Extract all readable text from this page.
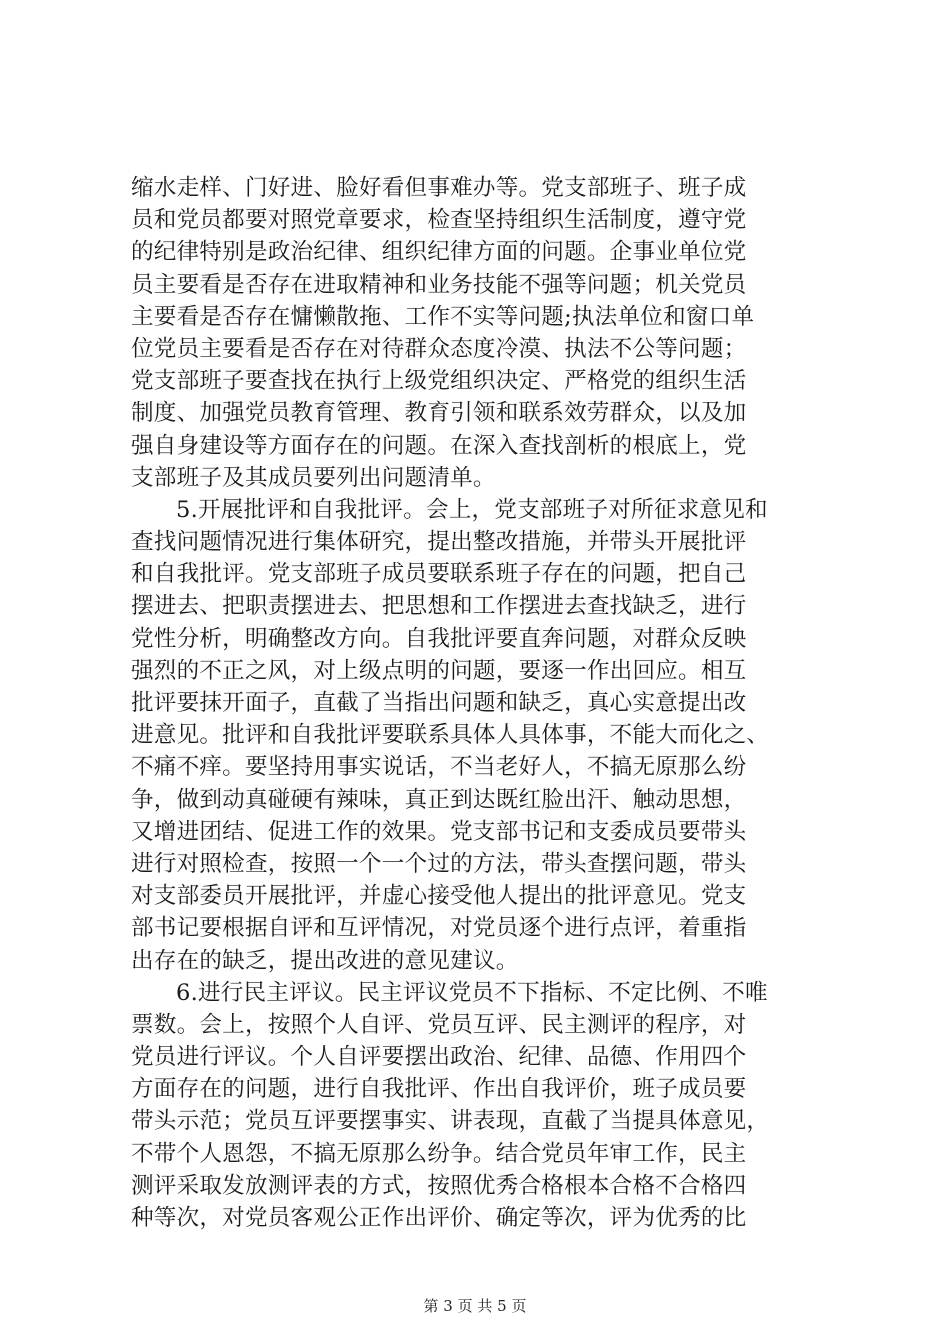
缩水走样、门好进、脸好看但事难办等。党支部班子、班子成
员和党员都要对照党章要求，检查坚持组织生活制度，遵守党
的纪律特别是政治纪律、组织纪律方面的问题。企事业单位党
员主要看是否存在进取精神和业务技能不强等问题；机关党员
主要看是否存在慵懒散拖、工作不实等问题;执法单位和窗口单
位党员主要看是否存在对待群众态度冷漠、执法不公等问题；
党支部班子要查找在执行上级党组织决定、严格党的组织生活
制度、加强党员教育管理、教育引领和联系效劳群众，以及加
强自身建设等方面存在的问题。在深入查找剖析的根底上，党
支部班子及其成员要列出问题清单。
5.开展批评和自我批评。会上，党支部班子对所征求意见和
查找问题情况进行集体研究，提出整改措施，并带头开展批评
和自我批评。党支部班子成员要联系班子存在的问题，把自己
摆进去、把职责摆进去、把思想和工作摆进去查找缺乏，进行
党性分析，明确整改方向。自我批评要直奔问题，对群众反映
强烈的不正之风，对上级点明的问题，要逐一作出回应。相互
批评要抹开面子，直截了当指出问题和缺乏，真心实意提出改
进意见。批评和自我批评要联系具体人具体事，不能大而化之、
不痛不痒。要坚持用事实说话，不当老好人，不搞无原那么纷
争，做到动真碰硬有辣味，真正到达既红脸出汗、触动思想，
又增进团结、促进工作的效果。党支部书记和支委成员要带头
进行对照检查，按照一个一个过的方法，带头查摆问题，带头
对支部委员开展批评，并虚心接受他人提出的批评意见。党支
部书记要根据自评和互评情况，对党员逐个进行点评，着重指
出存在的缺乏，提出改进的意见建议。
6.进行民主评议。民主评议党员不下指标、不定比例、不唯
票数。会上，按照个人自评、党员互评、民主测评的程序，对
党员进行评议。个人自评要摆出政治、纪律、品德、作用四个
方面存在的问题，进行自我批评、作出自我评价，班子成员要
带头示范；党员互评要摆事实、讲表现，直截了当提具体意见，
不带个人恩怨，不搞无原那么纷争。结合党员年审工作，民主
测评采取发放测评表的方式，按照优秀合格根本合格不合格四
种等次，对党员客观公正作出评价、确定等次，评为优秀的比
第 3 页 共 5 页
